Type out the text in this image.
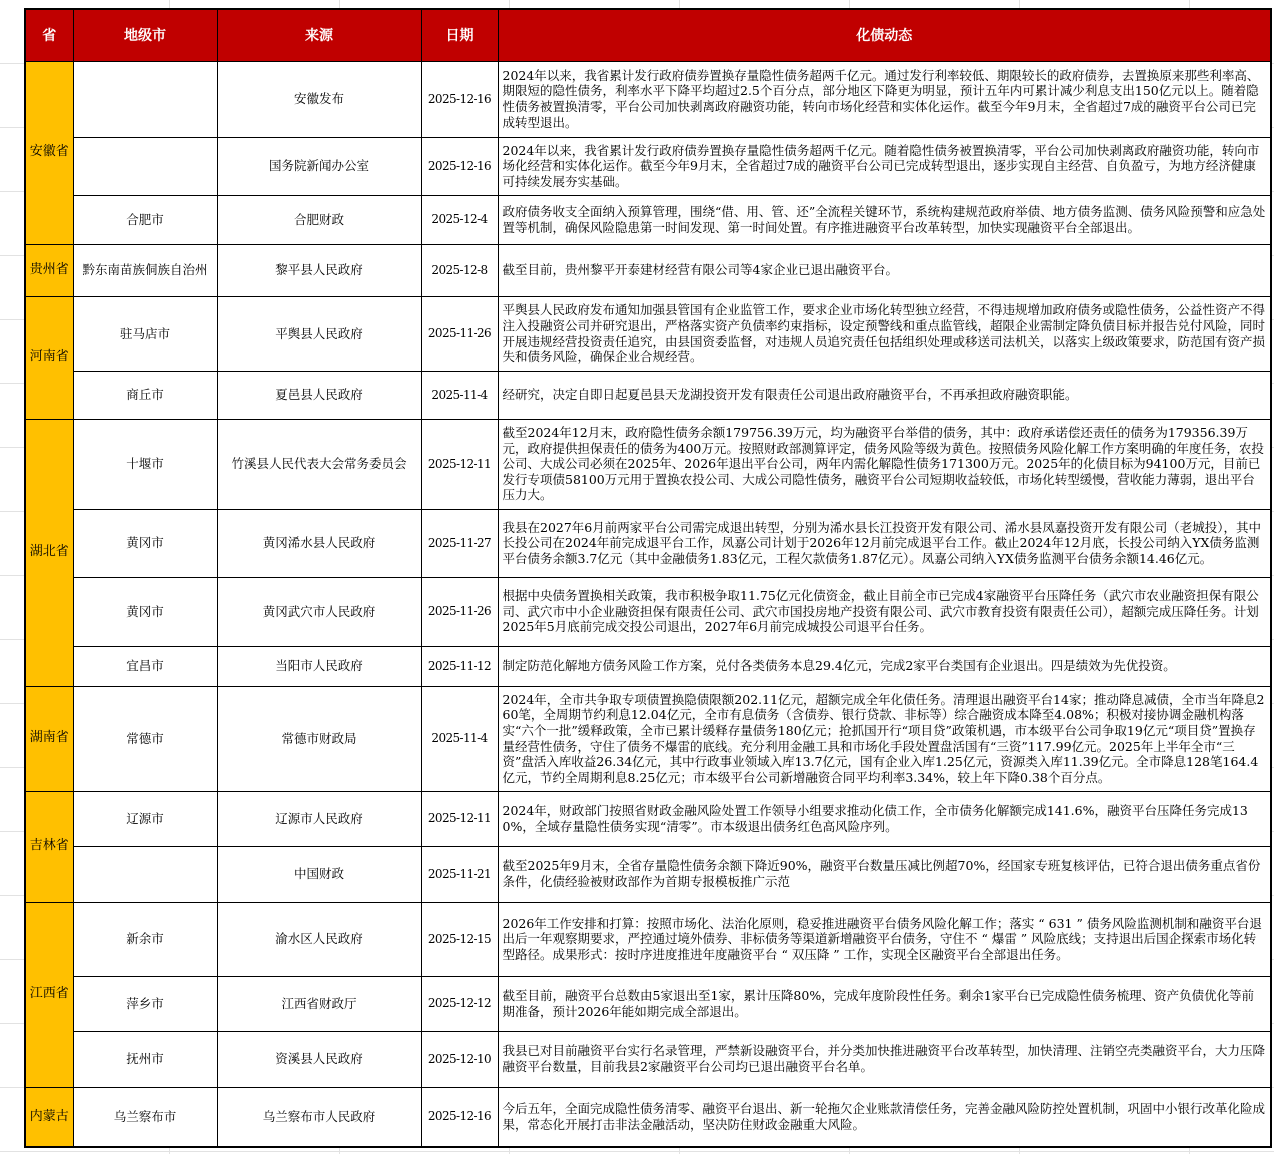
省	地级市	来源	日期	化债动态
安徽省		安徽发布	2025-12-16	2024年以来，我省累计发行政府债券置换存量隐性债务超两千亿元。通过发行利率较低、期限较长的政府债券，去置换原来那些利率高、期限短的隐性债务，利率水平下降平均超过2.5个百分点，部分地区下降更为明显，预计五年内可累计减少利息支出150亿元以上。随着隐性债务被置换清零，平台公司加快剥离政府融资功能，转向市场化经营和实体化运作。截至今年9月末，全省超过7成的融资平台公司已完成转型退出。
		国务院新闻办公室	2025-12-16	2024年以来，我省累计发行政府债券置换存量隐性债务超两千亿元。随着隐性债务被置换清零，平台公司加快剥离政府融资功能，转向市场化经营和实体化运作。截至今年9月末，全省超过7成的融资平台公司已完成转型退出，逐步实现自主经营、自负盈亏，为地方经济健康可持续发展夯实基础。
	合肥市	合肥财政	2025-12-4	政府债务收支全面纳入预算管理，围绕“借、用、管、还”全流程关键环节，系统构建规范政府举债、地方债务监测、债务风险预警和应急处置等机制，确保风险隐患第一时间发现、第一时间处置。有序推进融资平台改革转型，加快实现融资平台全部退出。
贵州省	黔东南苗族侗族自治州	黎平县人民政府	2025-12-8	截至目前，贵州黎平开泰建材经营有限公司等4家企业已退出融资平台。
河南省	驻马店市	平舆县人民政府	2025-11-26	平舆县人民政府发布通知加强县管国有企业监管工作，要求企业市场化转型独立经营，不得违规增加政府债务或隐性债务，公益性资产不得注入投融资公司并研究退出，严格落实资产负债率约束指标，设定预警线和重点监管线，超限企业需制定降负债目标并报告兑付风险，同时开展违规经营投资责任追究，由县国资委监督，对违规人员追究责任包括组织处理或移送司法机关，以落实上级政策要求，防范国有资产损失和债务风险，确保企业合规经营。
	商丘市	夏邑县人民政府	2025-11-4	经研究，决定自即日起夏邑县天龙湖投资开发有限责任公司退出政府融资平台，不再承担政府融资职能。
湖北省	十堰市	竹溪县人民代表大会常务委员会	2025-12-11	截至2024年12月末，政府隐性债务余额179756.39万元，均为融资平台举借的债务，其中：政府承诺偿还责任的债务为179356.39万元，政府提供担保责任的债务为400万元。按照财政部测算评定，债务风险等级为黄色。按照债务风险化解工作方案明确的年度任务，农投公司、大成公司必须在2025年、2026年退出平台公司，两年内需化解隐性债务171300万元。2025年的化债目标为94100万元，目前已发行专项债58100万元用于置换农投公司、大成公司隐性债务，融资平台公司短期收益较低，市场化转型缓慢，营收能力薄弱，退出平台压力大。
	黄冈市	黄冈浠水县人民政府	2025-11-27	我县在2027年6月前两家平台公司需完成退出转型，分别为浠水县长江投资开发有限公司、浠水县凤嘉投资开发有限公司（老城投），其中长投公司在2024年前完成退平台工作，凤嘉公司计划于2026年12月前完成退平台工作。截止2024年12月底，长投公司纳入YX债务监测平台债务余额3.7亿元（其中金融债务1.83亿元，工程欠款债务1.87亿元）。凤嘉公司纳入YX债务监测平台债务余额14.46亿元。
	黄冈市	黄冈武穴市人民政府	2025-11-26	根据中央债务置换相关政策，我市积极争取11.75亿元化债资金，截止目前全市已完成4家融资平台压降任务（武穴市农业融资担保有限公司、武穴市中小企业融资担保有限责任公司、武穴市国投房地产投资有限公司、武穴市教育投资有限责任公司），超额完成压降任务。计划2025年5月底前完成交投公司退出，2027年6月前完成城投公司退平台任务。
	宜昌市	当阳市人民政府	2025-11-12	制定防范化解地方债务风险工作方案，兑付各类债务本息29.4亿元，完成2家平台类国有企业退出。四是绩效为先优投资。
湖南省	常德市	常德市财政局	2025-11-4	2024年，全市共争取专项债置换隐债限额202.11亿元，超额完成全年化债任务。清理退出融资平台14家；推动降息减债，全市当年降息260笔，全周期节约利息12.04亿元，全市有息债务（含债券、银行贷款、非标等）综合融资成本降至4.08%；积极对接协调金融机构落实“六个一批”缓释政策，全市已累计缓释存量债务180亿元；抢抓国开行“项目贷”政策机遇，市本级平台公司争取19亿元“项目贷”置换存量经营性债务，守住了债务不爆雷的底线。充分利用金融工具和市场化手段处置盘活国有“三资”117.99亿元。2025年上半年全市“三资”盘活入库收益26.34亿元，其中行政事业领域入库13.7亿元，国有企业入库1.25亿元，资源类入库11.39亿元。全市降息128笔164.4亿元，节约全周期利息8.25亿元；市本级平台公司新增融资合同平均利率3.34%，较上年下降0.38个百分点。
吉林省	辽源市	辽源市人民政府	2025-12-11	2024年，财政部门按照省财政金融风险处置工作领导小组要求推动化债工作，全市债务化解额完成141.6%，融资平台压降任务完成130%，全域存量隐性债务实现“清零”。市本级退出债务红色高风险序列。
		中国财政	2025-11-21	截至2025年9月末，全省存量隐性债务余额下降近90%，融资平台数量压减比例超70%，经国家专班复核评估，已符合退出债务重点省份条件，化债经验被财政部作为首期专报模板推广示范
江西省	新余市	渝水区人民政府	2025-12-15	2026年工作安排和打算：按照市场化、法治化原则，稳妥推进融资平台债务风险化解工作；落实 “ 631 ” 债务风险监测机制和融资平台退出后一年观察期要求，严控通过境外债券、非标债务等渠道新增融资平台债务，守住不 “ 爆雷 ” 风险底线；支持退出后国企探索市场化转型路径。成果形式：按时序进度推进年度融资平台 “ 双压降 ” 工作，实现全区融资平台全部退出任务。
	萍乡市	江西省财政厅	2025-12-12	截至目前，融资平台总数由5家退出至1家，累计压降80%，完成年度阶段性任务。剩余1家平台已完成隐性债务梳理、资产负债优化等前期准备，预计2026年能如期完成全部退出。
	抚州市	资溪县人民政府	2025-12-10	我县已对目前融资平台实行名录管理，严禁新设融资平台，并分类加快推进融资平台改革转型，加快清理、注销空壳类融资平台，大力压降融资平台数量，目前我县2家融资平台公司均已退出融资平台名单。
内蒙古	乌兰察布市	乌兰察布市人民政府	2025-12-16	今后五年，全面完成隐性债务清零、融资平台退出、新一轮拖欠企业账款清偿任务，完善金融风险防控处置机制，巩固中小银行改革化险成果，常态化开展打击非法金融活动，坚决防住财政金融重大风险。
